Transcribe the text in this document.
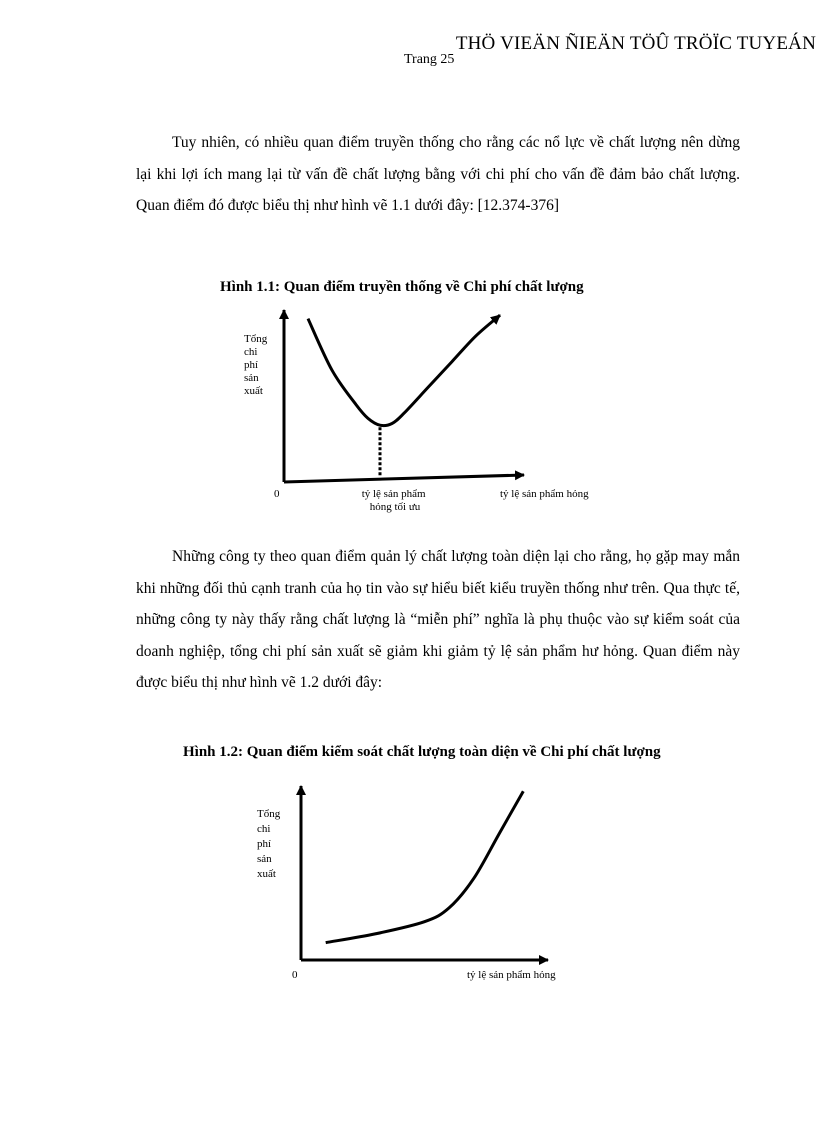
THÖ VIEÄN ÑIEÄN TÖÛ TRÖÏC TUYEÁN
Trang 25
Tuy nhiên, có nhiều quan điểm truyền thống cho rằng các nổ lực về chất lượng nên dừng lại khi lợi ích mang lại từ vấn đề chất lượng bằng với chi phí cho vấn đề đảm bảo chất lượng. Quan điểm đó được biểu thị như hình vẽ 1.1 dưới đây: [12.374-376]
Hình 1.1: Quan điểm truyền thống về Chi phí chất lượng
Tổng chi phí sản xuất
0	tỷ lệ sản phẩm hỏng tối ưu
tỷ lệ sản phẩm hỏng
Những công ty theo quan điểm quản lý chất lượng toàn diện lại cho rằng, họ gặp may mắn khi những đối thủ cạnh tranh của họ tin vào sự hiểu biết kiểu truyền thống như trên. Qua thực tế, những công ty này thấy rằng chất lượng là “miễn phí” nghĩa là phụ thuộc vào sự kiểm soát của doanh nghiệp, tổng chi phí sản xuất sẽ giảm khi giảm tỷ lệ sản phẩm hư hỏng. Quan điểm này được biểu thị như hình vẽ 1.2 dưới đây:
Hình 1.2: Quan điểm kiểm soát chất lượng toàn diện về Chi phí chất lượng
Tổng chi phí sản xuất
0	tỷ lệ sản phẩm hỏng
